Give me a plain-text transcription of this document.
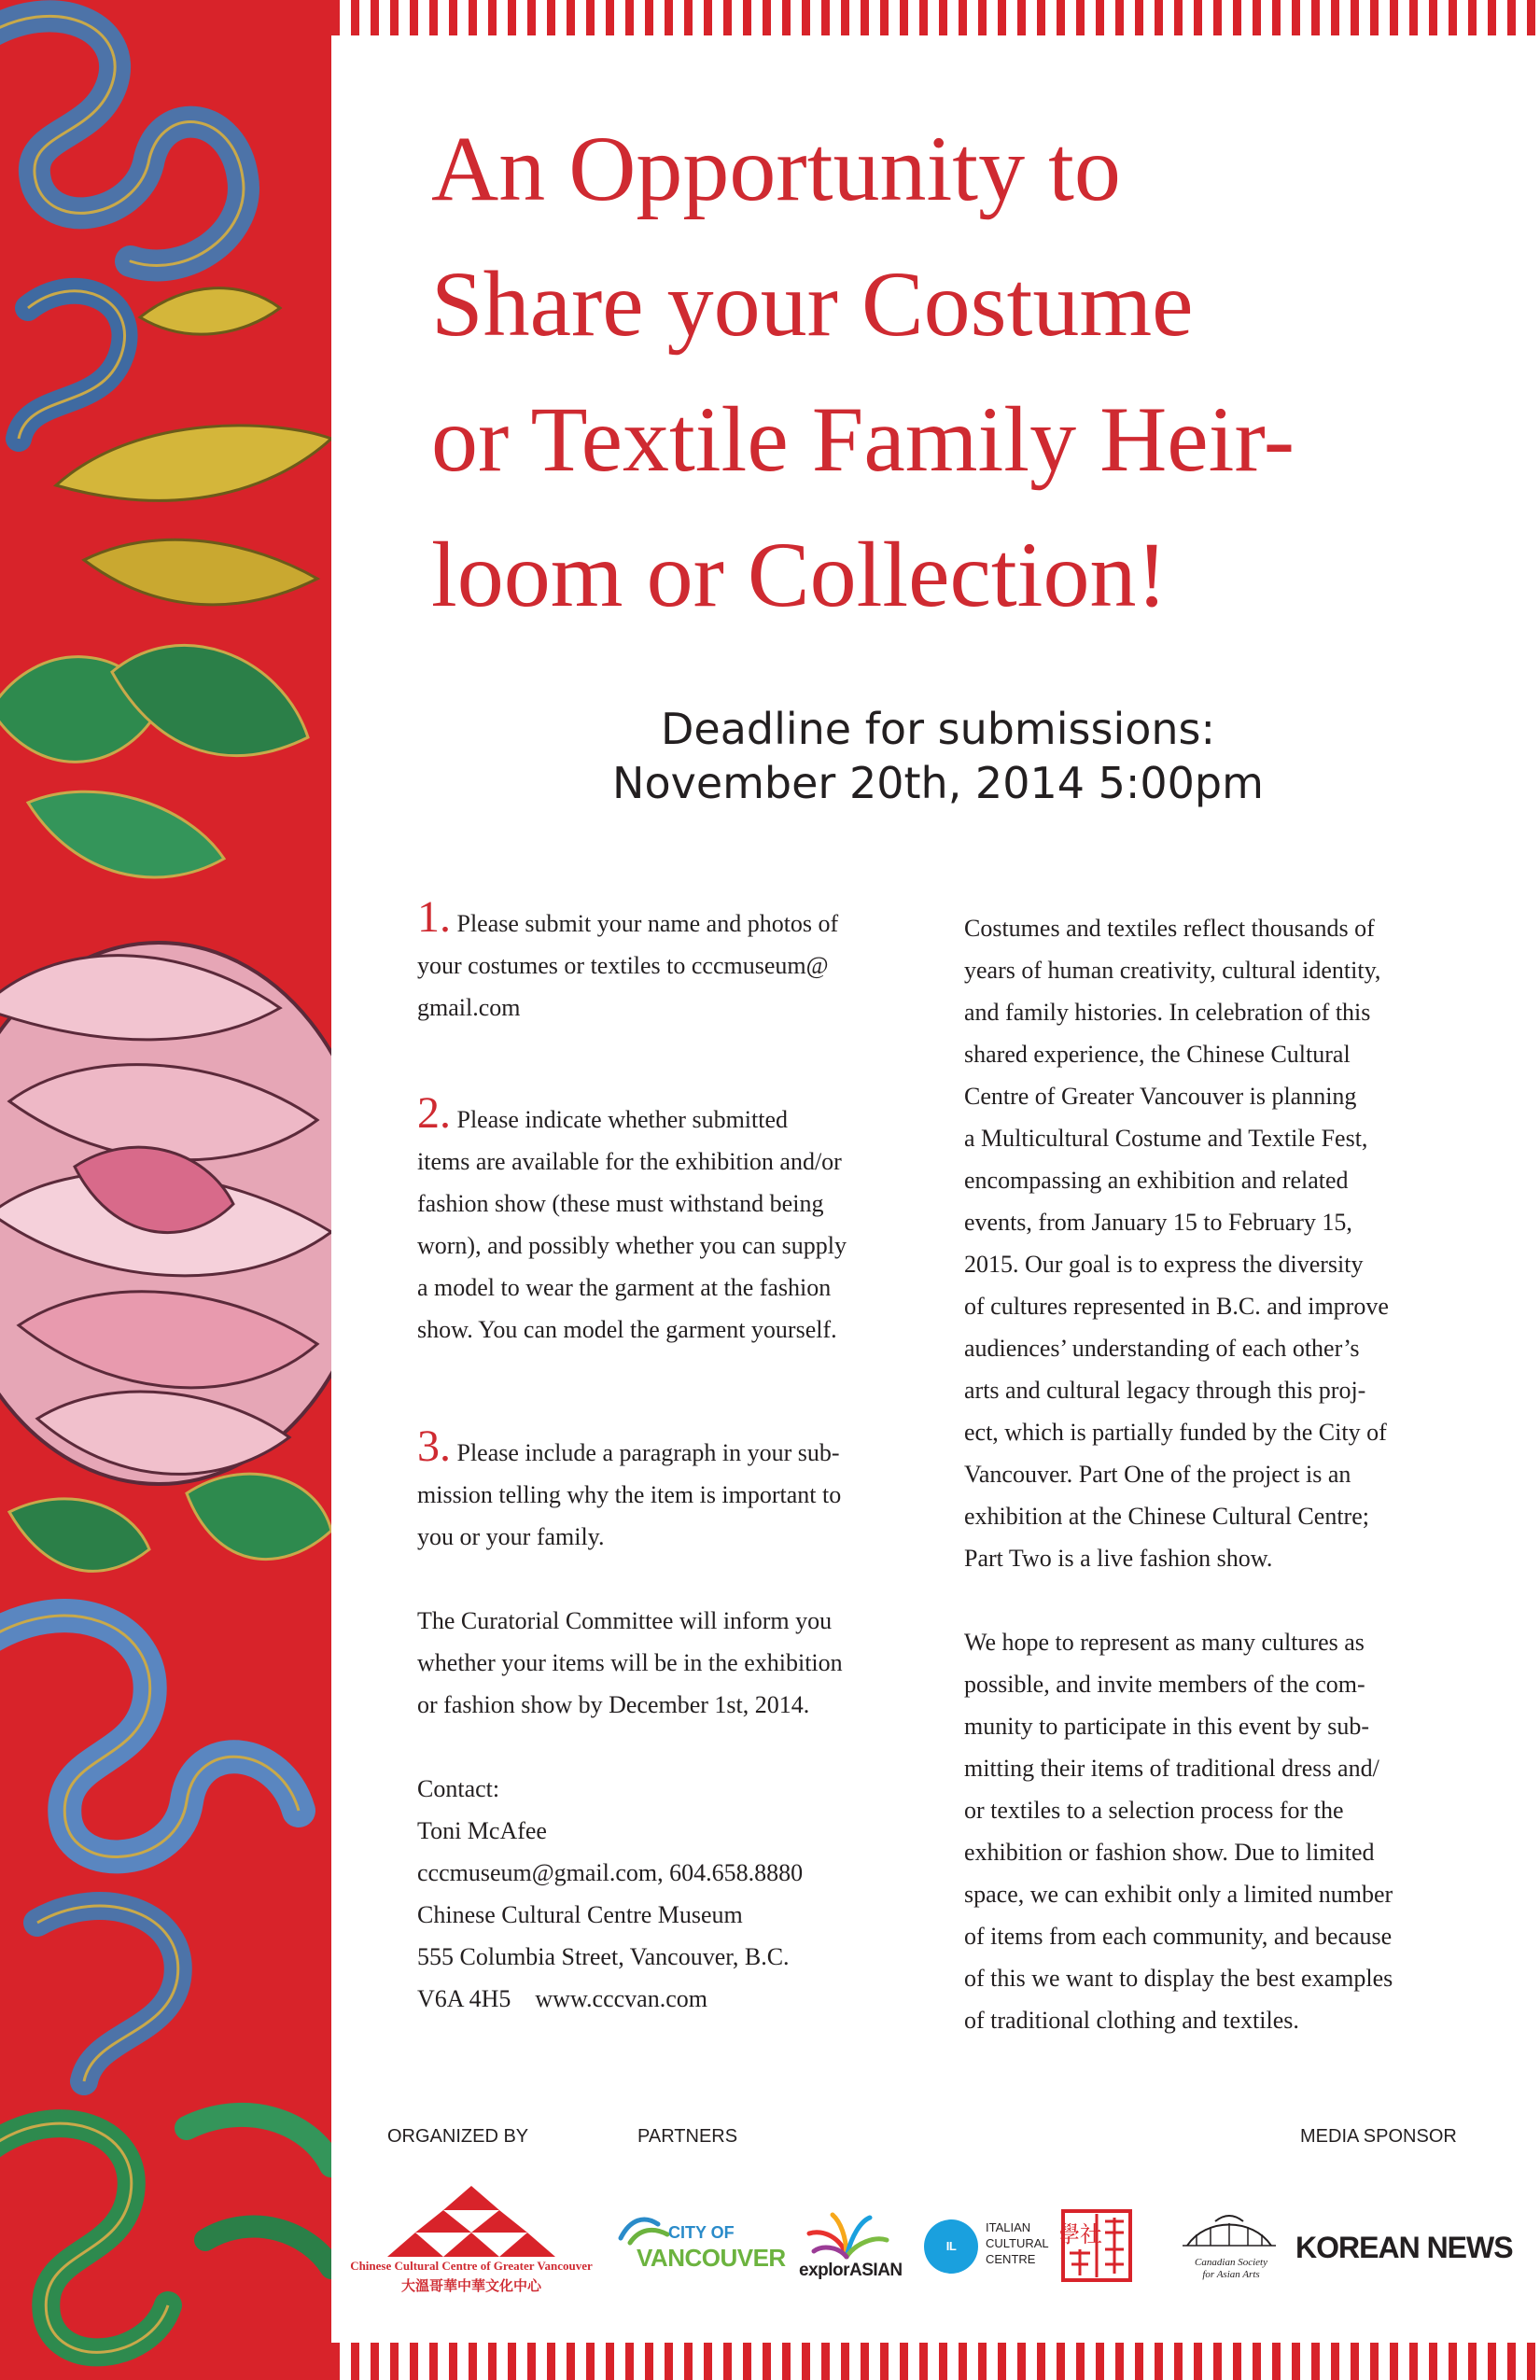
An Opportunity to
Share your Costume
or Textile Family Heir-
loom or Collection!
Deadline for submissions:
November 20th, 2014 5:00pm

1. Please submit your name and photos of
your costumes or textiles to cccmuseum@
gmail.com

2. Please indicate whether submitted
items are available for the exhibition and/or
fashion show (these must withstand being
worn), and possibly whether you can supply
a model to wear the garment at the fashion
show. You can model the garment yourself.

3. Please include a paragraph in your sub-
mission telling why the item is important to
you or your family.

The Curatorial Committee will inform you
whether your items will be in the exhibition
or fashion show by December 1st, 2014.

Contact:
Toni McAfee
cccmuseum@gmail.com, 604.658.8880
Chinese Cultural Centre Museum
555 Columbia Street, Vancouver, B.C.
V6A 4H5 www.cccvan.com

Costumes and textiles reflect thousands of
years of human creativity, cultural identity,
and family histories. In celebration of this
shared experience, the Chinese Cultural
Centre of Greater Vancouver is planning
a Multicultural Costume and Textile Fest,
encompassing an exhibition and related
events, from January 15 to February 15,
2015. Our goal is to express the diversity
of cultures represented in B.C. and improve
audiences’ understanding of each other’s
arts and cultural legacy through this proj-
ect, which is partially funded by the City of
Vancouver. Part One of the project is an
exhibition at the Chinese Cultural Centre;
Part Two is a live fashion show.

We hope to represent as many cultures as
possible, and invite members of the com-
munity to participate in this event by sub-
mitting their items of traditional dress and/
or textiles to a selection process for the
exhibition or fashion show. Due to limited
space, we can exhibit only a limited number
of items from each community, and because
of this we want to display the best examples
of traditional clothing and textiles.

ORGANIZED BY	PARTNERS	MEDIA SPONSOR
Chinese Cultural Centre of Greater Vancouver
大溫哥華中華文化中心
CITY OF
VANCOUVER explorASIAN
IL CENTRO
ITALIAN
CULTURAL
CENTRE
學社
Canadian Society
for Asian Arts
KOREAN NEWS
